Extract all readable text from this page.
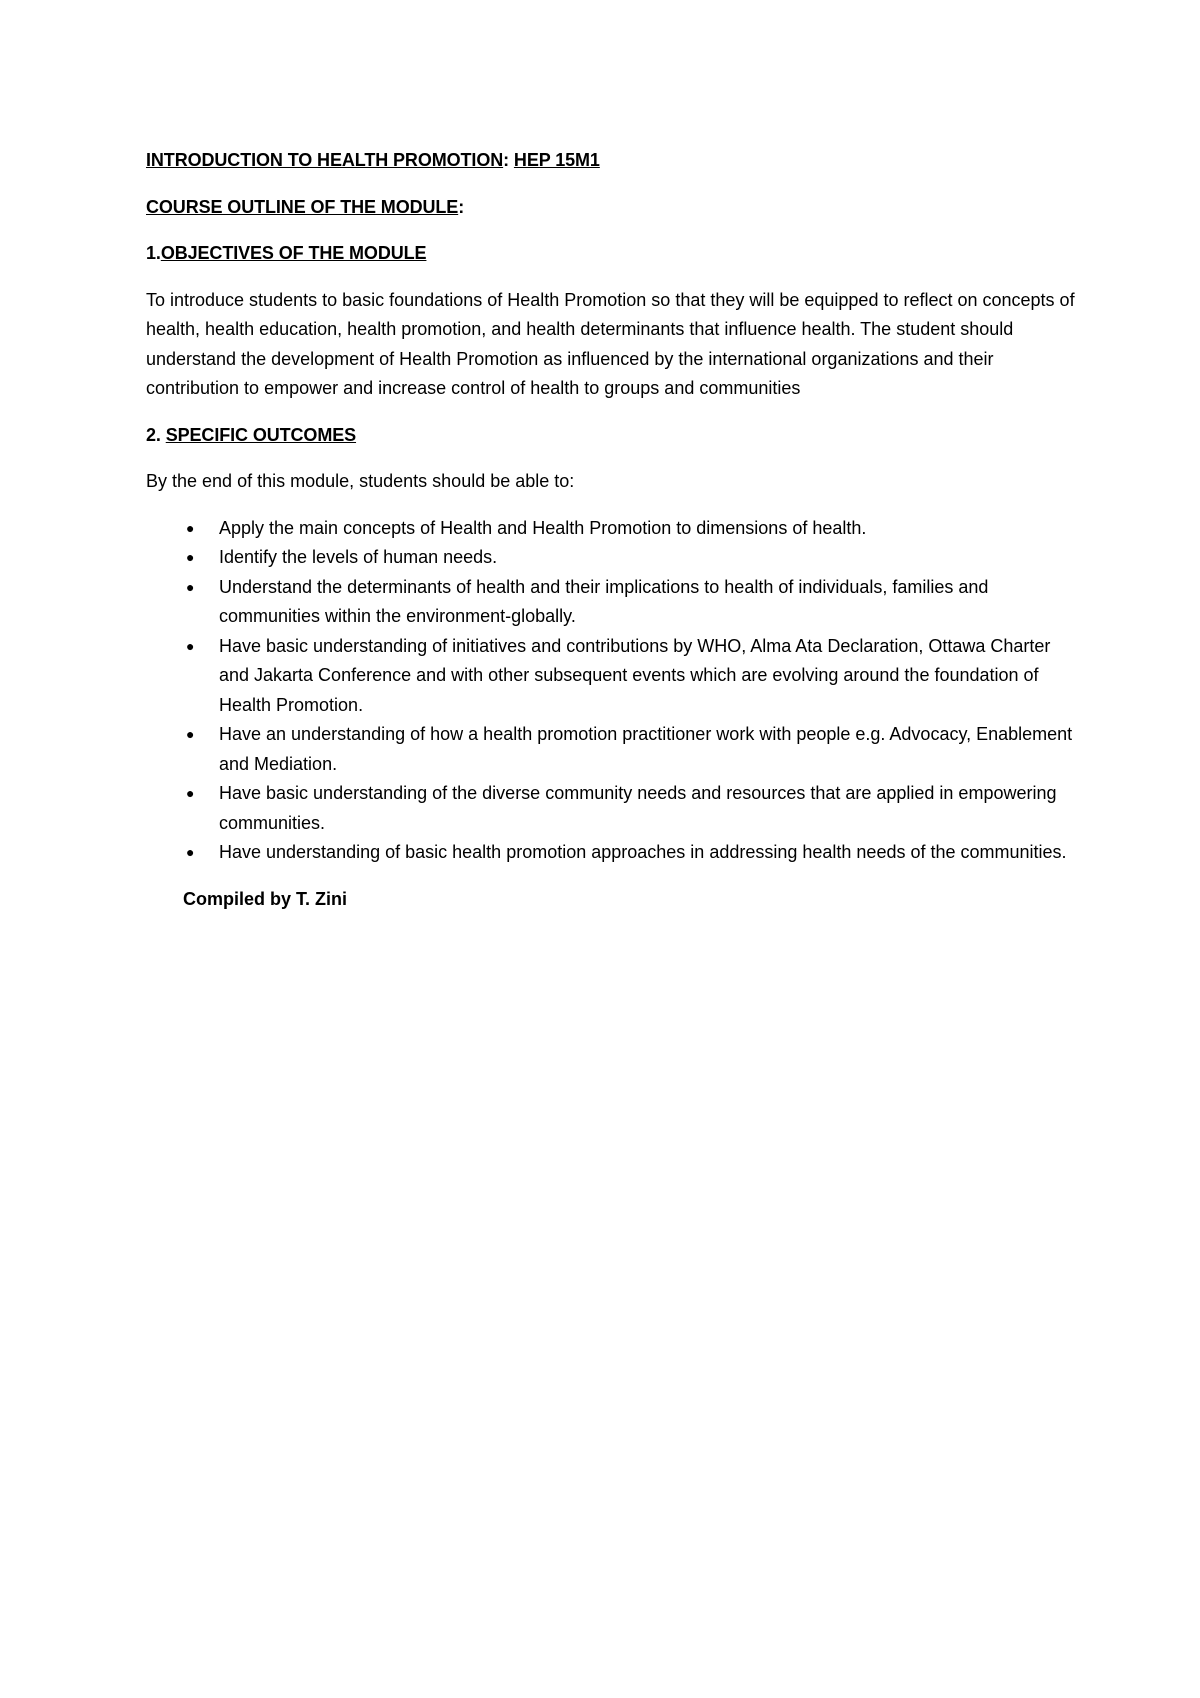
INTRODUCTION TO HEALTH PROMOTION: HEP 15M1

COURSE OUTLINE OF THE MODULE:

1.OBJECTIVES OF THE MODULE

To introduce students to basic foundations of Health Promotion so that they will be equipped to reflect on concepts of health, health education, health promotion, and health determinants that influence health. The student should understand the development of Health Promotion as influenced by the international organizations and their contribution to empower and increase control of health to groups and communities

2. SPECIFIC OUTCOMES

By the end of this module, students should be able to:

● Apply the main concepts of Health and Health Promotion to dimensions of health.
● Identify the levels of human needs.
● Understand the determinants of health and their implications to health of individuals, families and communities within the environment-globally.
● Have basic understanding of initiatives and contributions by WHO, Alma Ata Declaration, Ottawa Charter and Jakarta Conference and with other subsequent events which are evolving around the foundation of Health Promotion.
● Have an understanding of how a health promotion practitioner work with people e.g. Advocacy, Enablement and Mediation.
● Have basic understanding of the diverse community needs and resources that are applied in empowering communities.
● Have understanding of basic health promotion approaches in addressing health needs of the communities.

Compiled by T. Zini
